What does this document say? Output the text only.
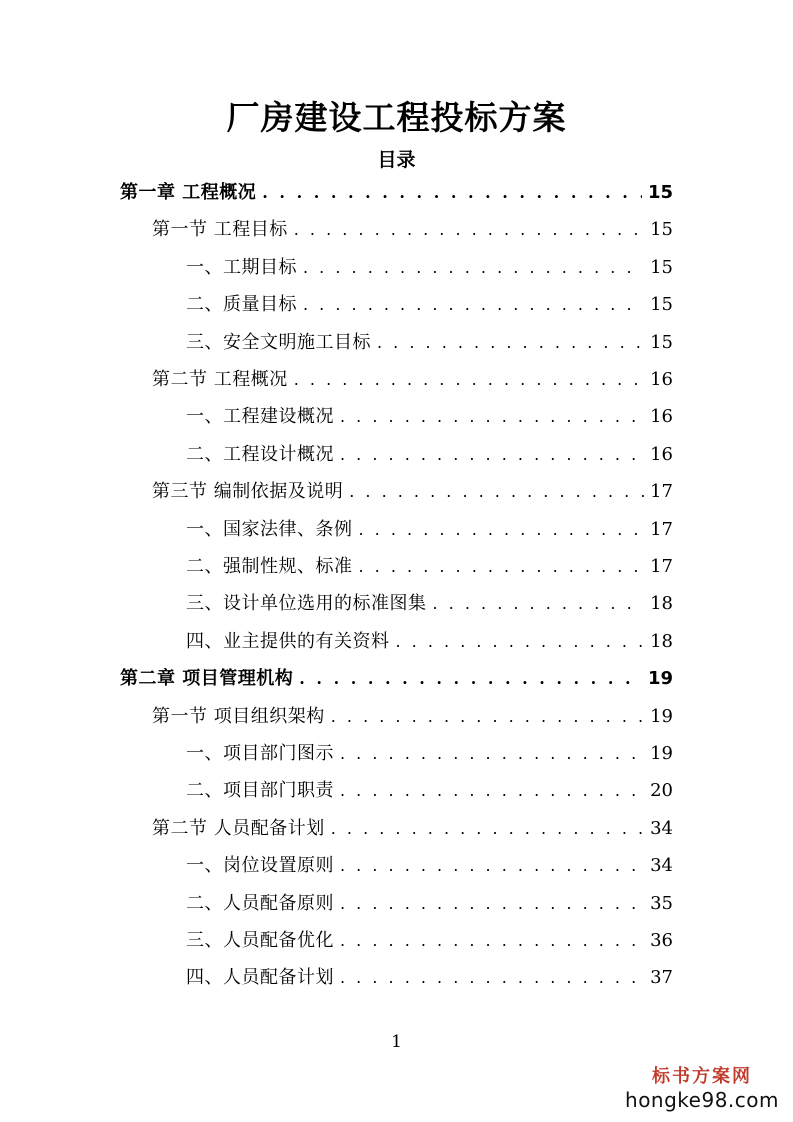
厂房建设工程投标方案
目录
第一章 工程概况 . . .	15
第一节 工程目标 . . .	15
一、工期目标 . . .	15
二、质量目标 . . .	15
三、安全文明施工目标 . . .	15
第二节 工程概况 . . .	16
一、工程建设概况 . . .	16
二、工程设计概况 . . .	16
第三节 编制依据及说明 . . .	17
一、国家法律、条例 . . .	17
二、强制性规、标准 . . .	17
三、设计单位选用的标准图集 . . .	18
四、业主提供的有关资料 . . .	18
第二章 项目管理机构 . . .	19
第一节 项目组织架构 . . .	19
一、项目部门图示 . . .	19
二、项目部门职责 . . .	20
第二节 人员配备计划 . . .	34
一、岗位设置原则 . . .	34
二、人员配备原则 . . .	35
三、人员配备优化 . . .	36
四、人员配备计划 . . .	37
1
标书方案网
hongke98.com
